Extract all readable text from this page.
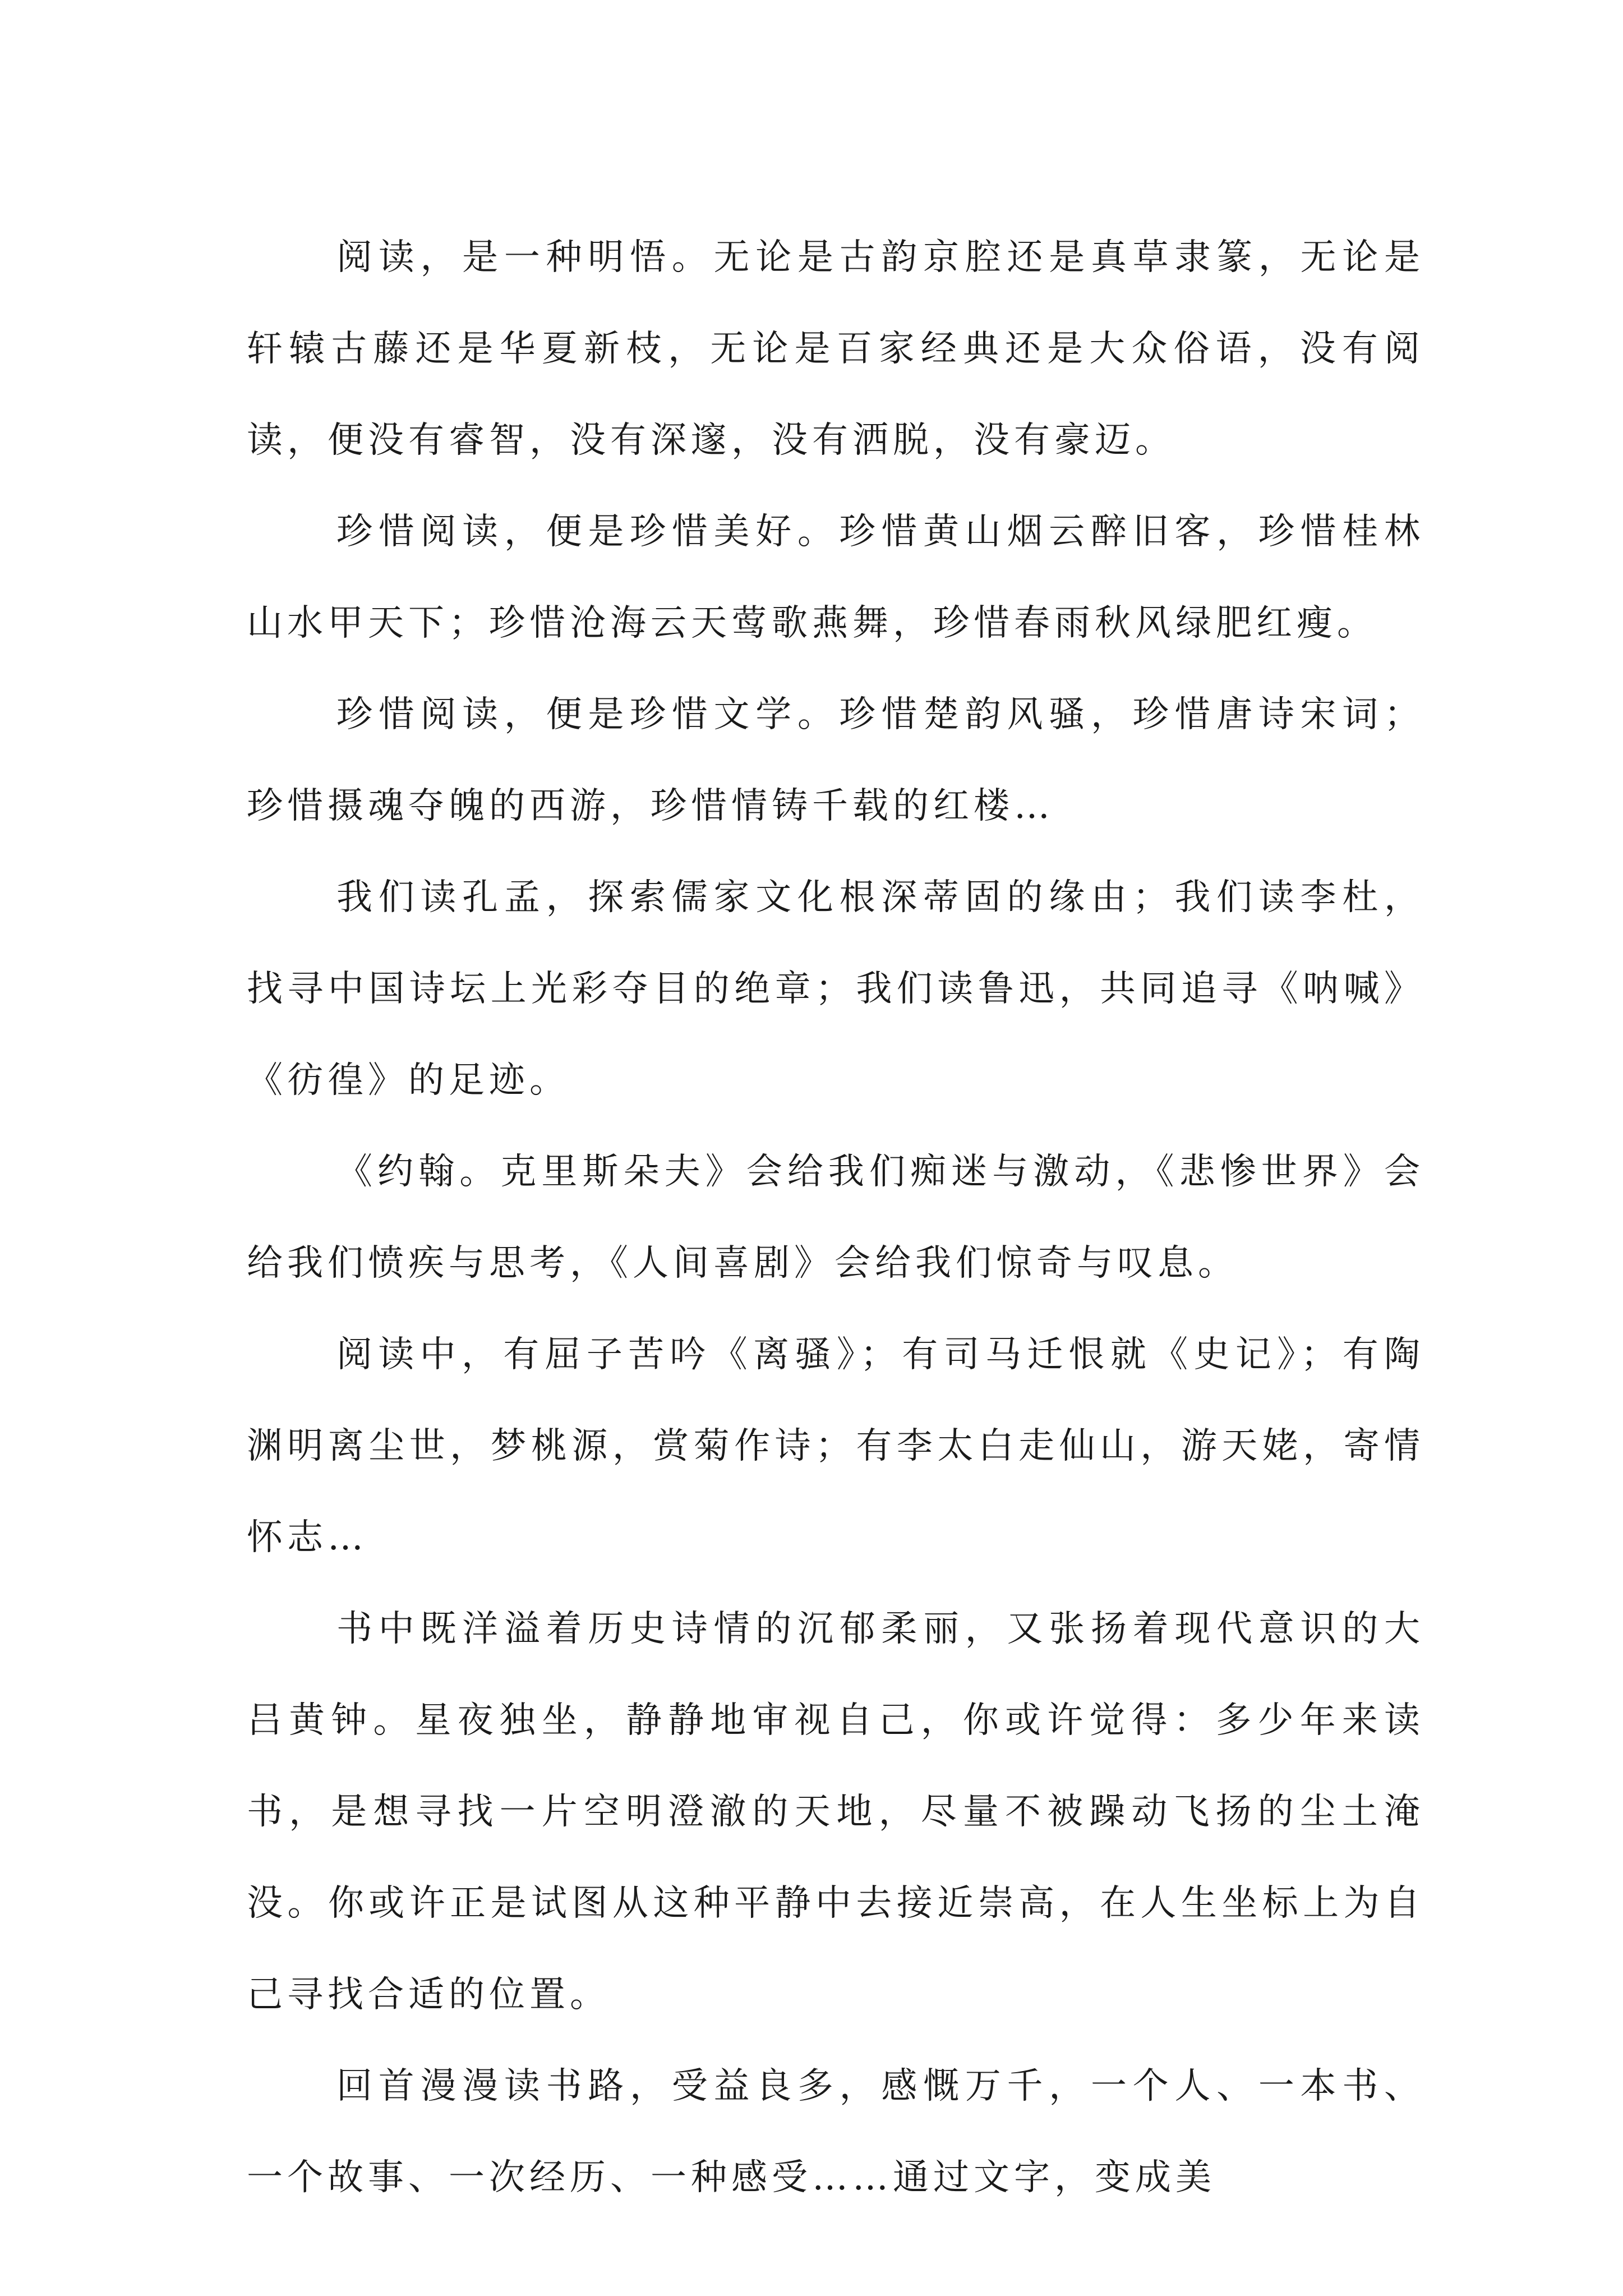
阅读，是一种明悟。无论是古韵京腔还是真草隶篆，无论是轩辕古藤还是华夏新枝，无论是百家经典还是大众俗语，没有阅读，便没有睿智，没有深邃，没有洒脱，没有豪迈。

珍惜阅读，便是珍惜美好。珍惜黄山烟云醉旧客，珍惜桂林山水甲天下；珍惜沧海云天莺歌燕舞，珍惜春雨秋风绿肥红瘦。

珍惜阅读，便是珍惜文学。珍惜楚韵风骚，珍惜唐诗宋词；珍惜摄魂夺魄的西游，珍惜情铸千载的红楼…

我们读孔孟，探索儒家文化根深蒂固的缘由；我们读李杜，找寻中国诗坛上光彩夺目的绝章；我们读鲁迅，共同追寻《呐喊》《彷徨》的足迹。

《约翰。克里斯朵夫》会给我们痴迷与激动，《悲惨世界》会给我们愤疾与思考，《人间喜剧》会给我们惊奇与叹息。

阅读中，有屈子苦吟《离骚》；有司马迁恨就《史记》；有陶渊明离尘世，梦桃源，赏菊作诗；有李太白走仙山，游天姥，寄情怀志…

书中既洋溢着历史诗情的沉郁柔丽，又张扬着现代意识的大吕黄钟。星夜独坐，静静地审视自己，你或许觉得：多少年来读书，是想寻找一片空明澄澈的天地，尽量不被躁动飞扬的尘土淹没。你或许正是试图从这种平静中去接近崇高，在人生坐标上为自己寻找合适的位置。

回首漫漫读书路，受益良多，感慨万千，一个人、一本书、一个故事、一次经历、一种感受……通过文字，变成美
